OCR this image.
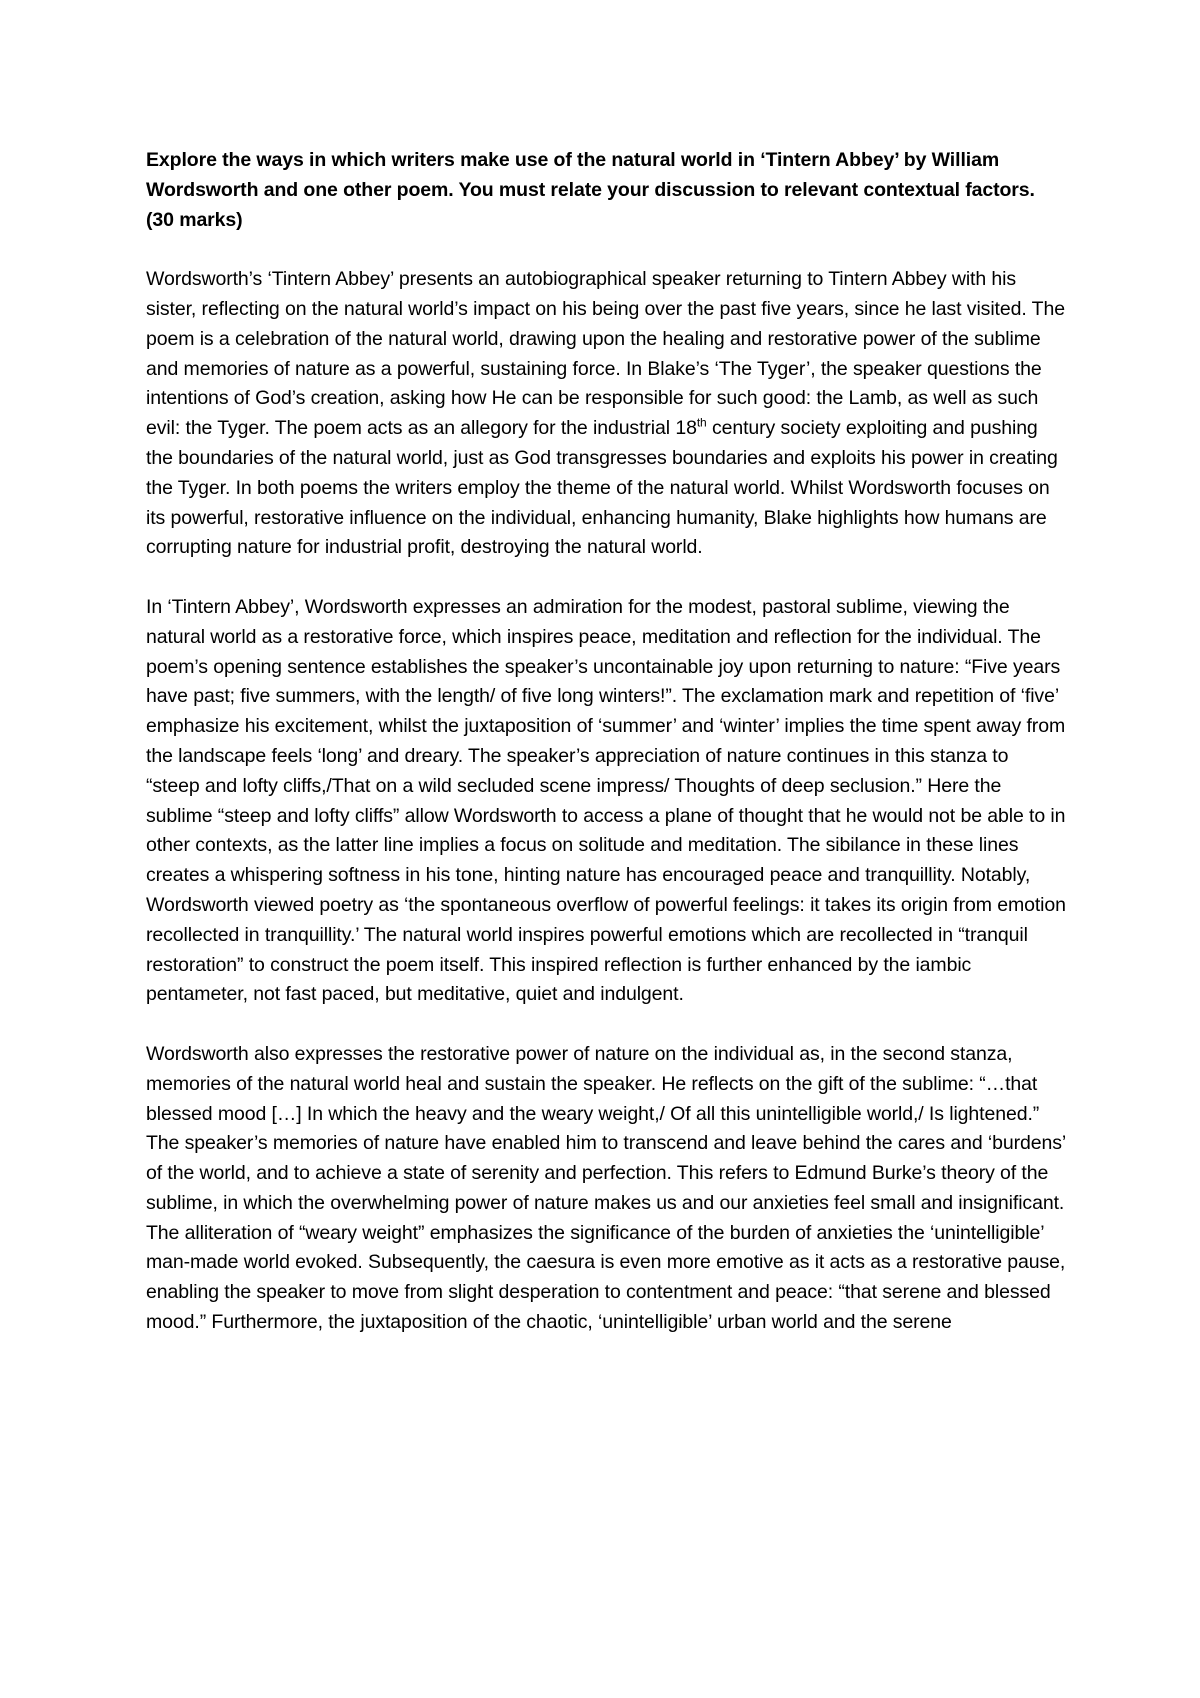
Explore the ways in which writers make use of the natural world in ‘Tintern Abbey’ by William Wordsworth and one other poem. You must relate your discussion to relevant contextual factors. (30 marks)

Wordsworth’s ‘Tintern Abbey’ presents an autobiographical speaker returning to Tintern Abbey with his sister, reflecting on the natural world’s impact on his being over the past five years, since he last visited. The poem is a celebration of the natural world, drawing upon the healing and restorative power of the sublime and memories of nature as a powerful, sustaining force. In Blake’s ‘The Tyger’, the speaker questions the intentions of God’s creation, asking how He can be responsible for such good: the Lamb, as well as such evil: the Tyger. The poem acts as an allegory for the industrial 18th century society exploiting and pushing the boundaries of the natural world, just as God transgresses boundaries and exploits his power in creating the Tyger. In both poems the writers employ the theme of the natural world. Whilst Wordsworth focuses on its powerful, restorative influence on the individual, enhancing humanity, Blake highlights how humans are corrupting nature for industrial profit, destroying the natural world.

In ‘Tintern Abbey’, Wordsworth expresses an admiration for the modest, pastoral sublime, viewing the natural world as a restorative force, which inspires peace, meditation and reflection for the individual. The poem’s opening sentence establishes the speaker’s uncontainable joy upon returning to nature: “Five years have past; five summers, with the length/ of five long winters!”. The exclamation mark and repetition of ‘five’ emphasize his excitement, whilst the juxtaposition of ‘summer’ and ‘winter’ implies the time spent away from the landscape feels ‘long’ and dreary. The speaker’s appreciation of nature continues in this stanza to “steep and lofty cliffs,/That on a wild secluded scene impress/ Thoughts of deep seclusion.” Here the sublime “steep and lofty cliffs” allow Wordsworth to access a plane of thought that he would not be able to in other contexts, as the latter line implies a focus on solitude and meditation. The sibilance in these lines creates a whispering softness in his tone, hinting nature has encouraged peace and tranquillity. Notably, Wordsworth viewed poetry as ‘the spontaneous overflow of powerful feelings: it takes its origin from emotion recollected in tranquillity.’ The natural world inspires powerful emotions which are recollected in “tranquil restoration” to construct the poem itself. This inspired reflection is further enhanced by the iambic pentameter, not fast paced, but meditative, quiet and indulgent.

Wordsworth also expresses the restorative power of nature on the individual as, in the second stanza, memories of the natural world heal and sustain the speaker. He reflects on the gift of the sublime: “…that blessed mood […] In which the heavy and the weary weight,/ Of all this unintelligible world,/ Is lightened.” The speaker’s memories of nature have enabled him to transcend and leave behind the cares and ‘burdens’ of the world, and to achieve a state of serenity and perfection. This refers to Edmund Burke’s theory of the sublime, in which the overwhelming power of nature makes us and our anxieties feel small and insignificant. The alliteration of “weary weight” emphasizes the significance of the burden of anxieties the ‘unintelligible’ man-made world evoked. Subsequently, the caesura is even more emotive as it acts as a restorative pause, enabling the speaker to move from slight desperation to contentment and peace: “that serene and blessed mood.” Furthermore, the juxtaposition of the chaotic, ‘unintelligible’ urban world and the serene
